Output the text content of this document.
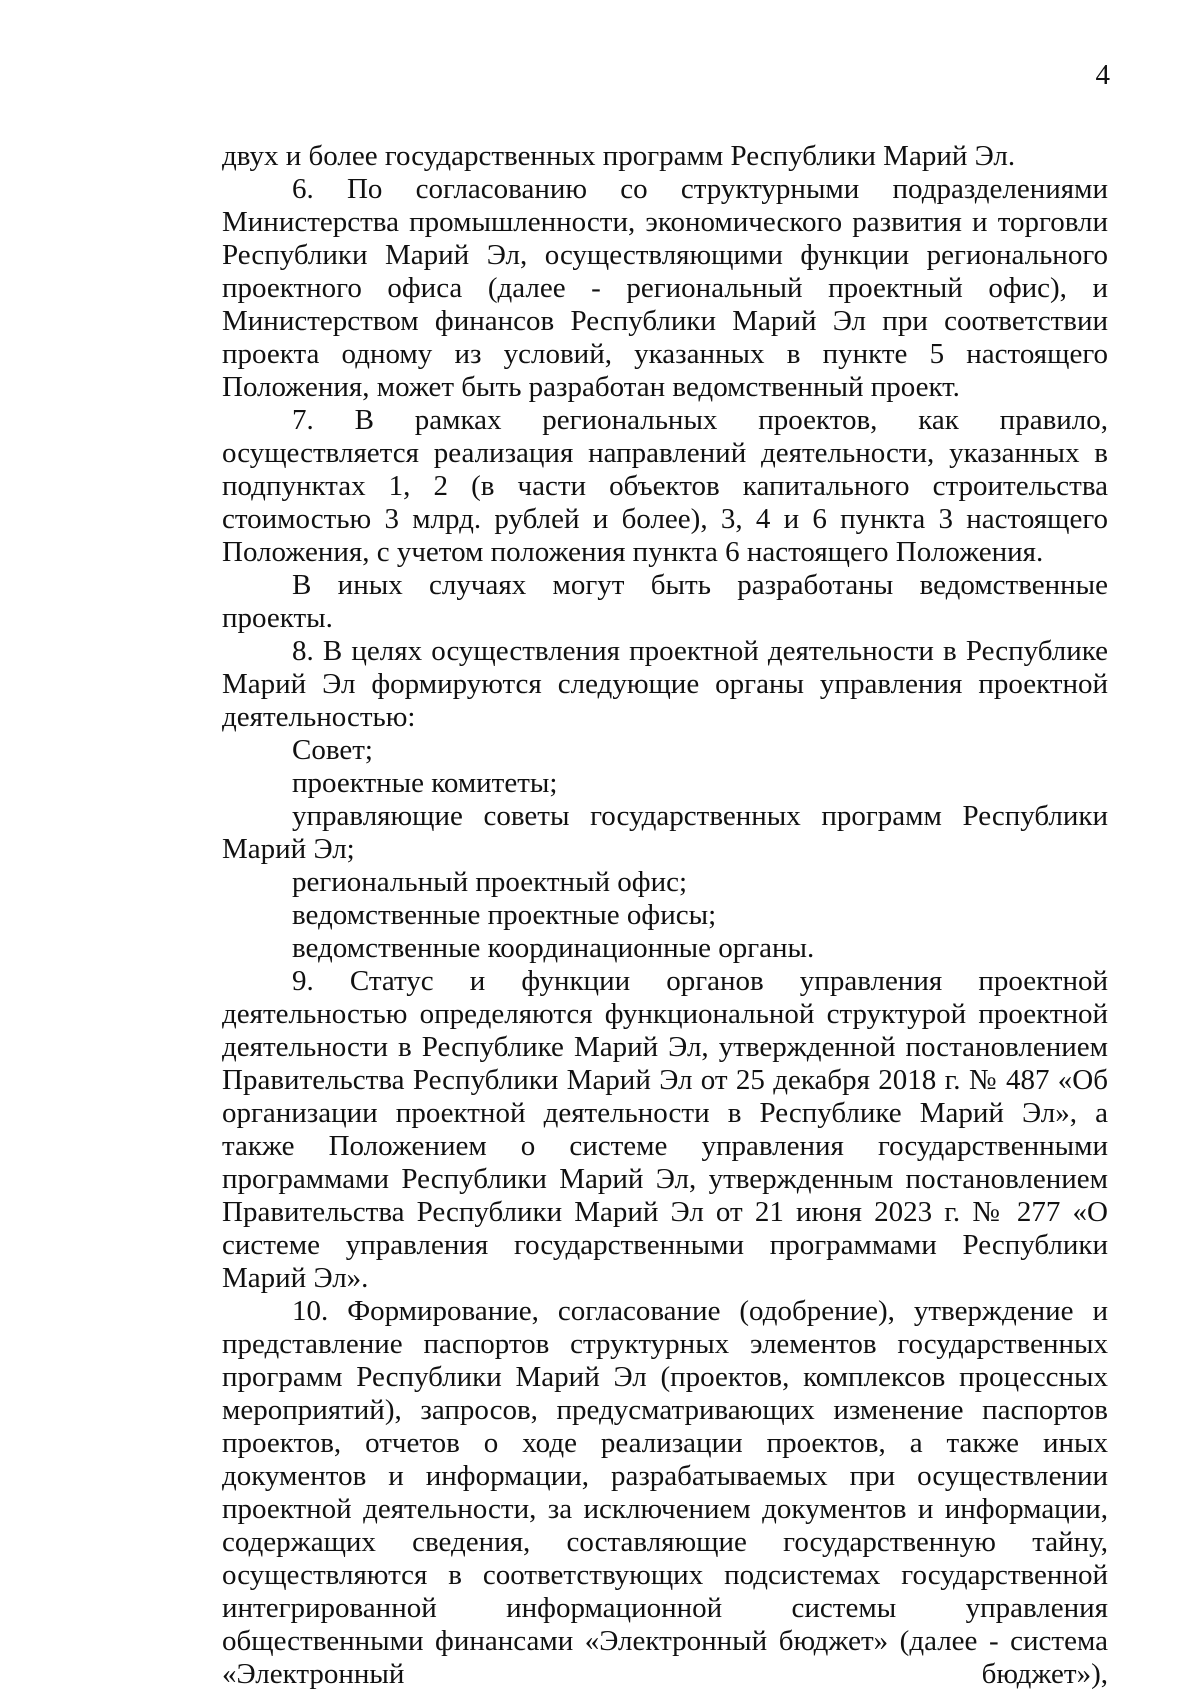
4

двух и более государственных программ Республики Марий Эл.

6. По согласованию со структурными подразделениями Министерства промышленности, экономического развития и торговли Республики Марий Эл, осуществляющими функции регионального проектного офиса (далее - региональный проектный офис), и Министерством финансов Республики Марий Эл при соответствии проекта одному из условий, указанных в пункте 5 настоящего Положения, может быть разработан ведомственный проект.

7. В рамках региональных проектов, как правило, осуществляется реализация направлений деятельности, указанных в подпунктах 1, 2 (в части объектов капитального строительства стоимостью 3 млрд. рублей и более), 3, 4 и 6 пункта 3 настоящего Положения, с учетом положения пункта 6 настоящего Положения.

В иных случаях могут быть разработаны ведомственные проекты.

8. В целях осуществления проектной деятельности в Республике Марий Эл формируются следующие органы управления проектной деятельностью:

Совет;

проектные комитеты;

управляющие советы государственных программ Республики Марий Эл;

региональный проектный офис;

ведомственные проектные офисы;

ведомственные координационные органы.

9. Статус и функции органов управления проектной деятельностью определяются функциональной структурой проектной деятельности в Республике Марий Эл, утвержденной постановлением Правительства Республики Марий Эл от 25 декабря 2018 г. № 487 «Об организации проектной деятельности в Республике Марий Эл», а также Положением о системе управления государственными программами Республики Марий Эл, утвержденным постановлением Правительства Республики Марий Эл от 21 июня 2023 г. № 277 «О системе управления государственными программами Республики Марий Эл».

10. Формирование, согласование (одобрение), утверждение и представление паспортов структурных элементов государственных программ Республики Марий Эл (проектов, комплексов процессных мероприятий), запросов, предусматривающих изменение паспортов проектов, отчетов о ходе реализации проектов, а также иных документов и информации, разрабатываемых при осуществлении проектной деятельности, за исключением документов и информации, содержащих сведения, составляющие государственную тайну, осуществляются в соответствующих подсистемах государственной интегрированной информационной системы управления общественными финансами «Электронный бюджет» (далее - система «Электронный бюджет»),
